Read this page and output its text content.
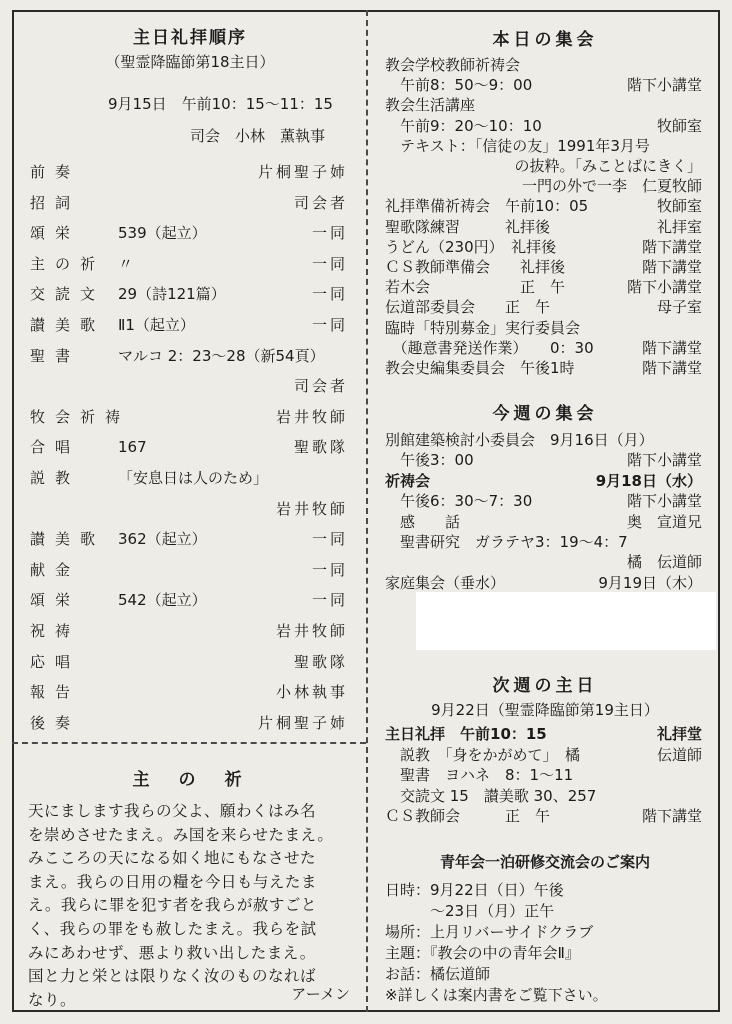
主日礼拝順序
（聖霊降臨節第18主日）
9月15日　午前10：15～11：15
司会　小林　薫執事
前奏	片桐聖子姉
招詞	司会者
頌栄	539（起立）	一同
主の祈 〃	一同
交読文 29（詩121篇）	一同
讃美歌 Ⅱ1（起立）	一同
聖書	マルコ 2：23～28（新54頁）
司会者
牧会祈祷	岩井牧師
合唱	167	聖歌隊
説教	「安息日は人のため」
岩井牧師
讃美歌 362（起立）	一同
献金	一同
頌栄	542（起立）	一同
祝祷	岩井牧師
応唱	聖歌隊
報告	小林執事
後奏	片桐聖子姉
主　の　祈
天にまします我らの父よ、願わくはみ名
を崇めさせたまえ。み国を来らせたまえ。
みこころの天になる如く地にもなさせた
まえ。我らの日用の糧を今日も与えたま
え。我らに罪を犯す者を我らが赦すごと
く、我らの罪をも赦したまえ。我らを試
みにあわせず、悪より救い出したまえ。
国と力と栄とは限りなく汝のものなれば
なり。	アーメン
本日の集会
教会学校教師祈祷会
　午前8：50～9：00	階下小講堂
教会生活講座
　午前9：20～10：10	牧師室
　テキスト：「信徒の友」1991年3月号
の抜粋。「みことばにきく」
一門の外で一李　仁夏牧師
礼拝準備祈祷会　午前10：05	牧師室
聖歌隊練習　　　礼拝後	礼拝室
うどん（230円）　礼拝後	階下講堂
ＣＳ教師準備会　　礼拝後	階下講堂
若木会　　　　　　正　午	階下小講堂
伝道部委員会　　正　午	母子室
臨時「特別募金」実行委員会
　（趣意書発送作業）　　0：30	階下講堂
教会史編集委員会　午後1時	階下講堂
今週の集会
別館建築検討小委員会　9月16日（月）
　午後3：00	階下小講堂
祈祷会	9月18日（水）
　午後6：30～7：30	階下小講堂
　感　　話	奥　宣道兄
　聖書研究　ガラテヤ3：19～4：7
橘　伝道師
家庭集会（垂水）	9月19日（木）
次週の主日
9月22日（聖霊降臨節第19主日）
主日礼拝　午前10：15	礼拝堂
　説教　「身をかがめて」　橘	伝道師
　聖書　ヨハネ　8：1～11
　交読文 15　讃美歌 30、257
ＣＳ教師会　　　正　午	階下講堂
青年会一泊研修交流会のご案内
日時：9月22日（日）午後
　　　～23日（月）正午
場所：上月リバーサイドクラブ
主題：『教会の中の青年会Ⅱ』
お話：橘伝道師
※詳しくは案内書をご覧下さい。
